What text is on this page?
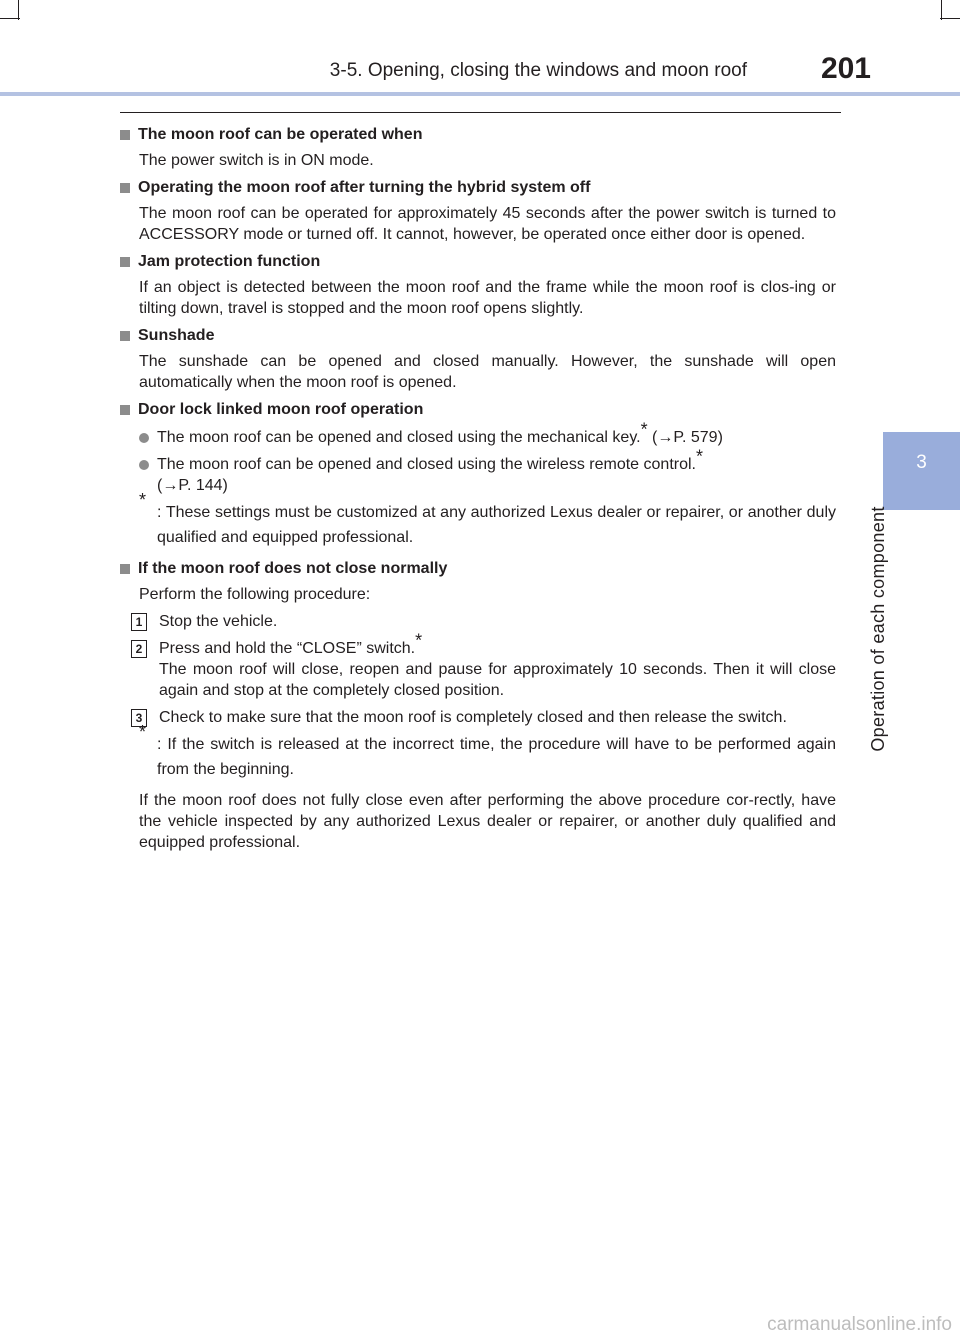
3-5. Opening, closing the windows and moon roof 201
3
Operation of each component
The moon roof can be operated when
The power switch is in ON mode.
Operating the moon roof after turning the hybrid system off
The moon roof can be operated for approximately 45 seconds after the power switch is turned to ACCESSORY mode or turned off. It cannot, however, be operated once either door is opened.
Jam protection function
If an object is detected between the moon roof and the frame while the moon roof is clos-ing or tilting down, travel is stopped and the moon roof opens slightly.
Sunshade
The sunshade can be opened and closed manually. However, the sunshade will open automatically when the moon roof is opened.
Door lock linked moon roof operation
The moon roof can be opened and closed using the mechanical key.* (→P. 579)
The moon roof can be opened and closed using the wireless remote control.*
(→P. 144)
*
: These settings must be customized at any authorized Lexus dealer or repairer, or another duly qualified and equipped professional.
If the moon roof does not close normally
Perform the following procedure:
1 Stop the vehicle.
2 Press and hold the “CLOSE” switch.*
The moon roof will close, reopen and pause for approximately 10 seconds. Then it will close again and stop at the completely closed position.
3 Check to make sure that the moon roof is completely closed and then release the switch.
*
: If the switch is released at the incorrect time, the procedure will have to be performed again from the beginning.
If the moon roof does not fully close even after performing the above procedure cor-rectly, have the vehicle inspected by any authorized Lexus dealer or repairer, or another duly qualified and equipped professional.
carmanualsonline.info
